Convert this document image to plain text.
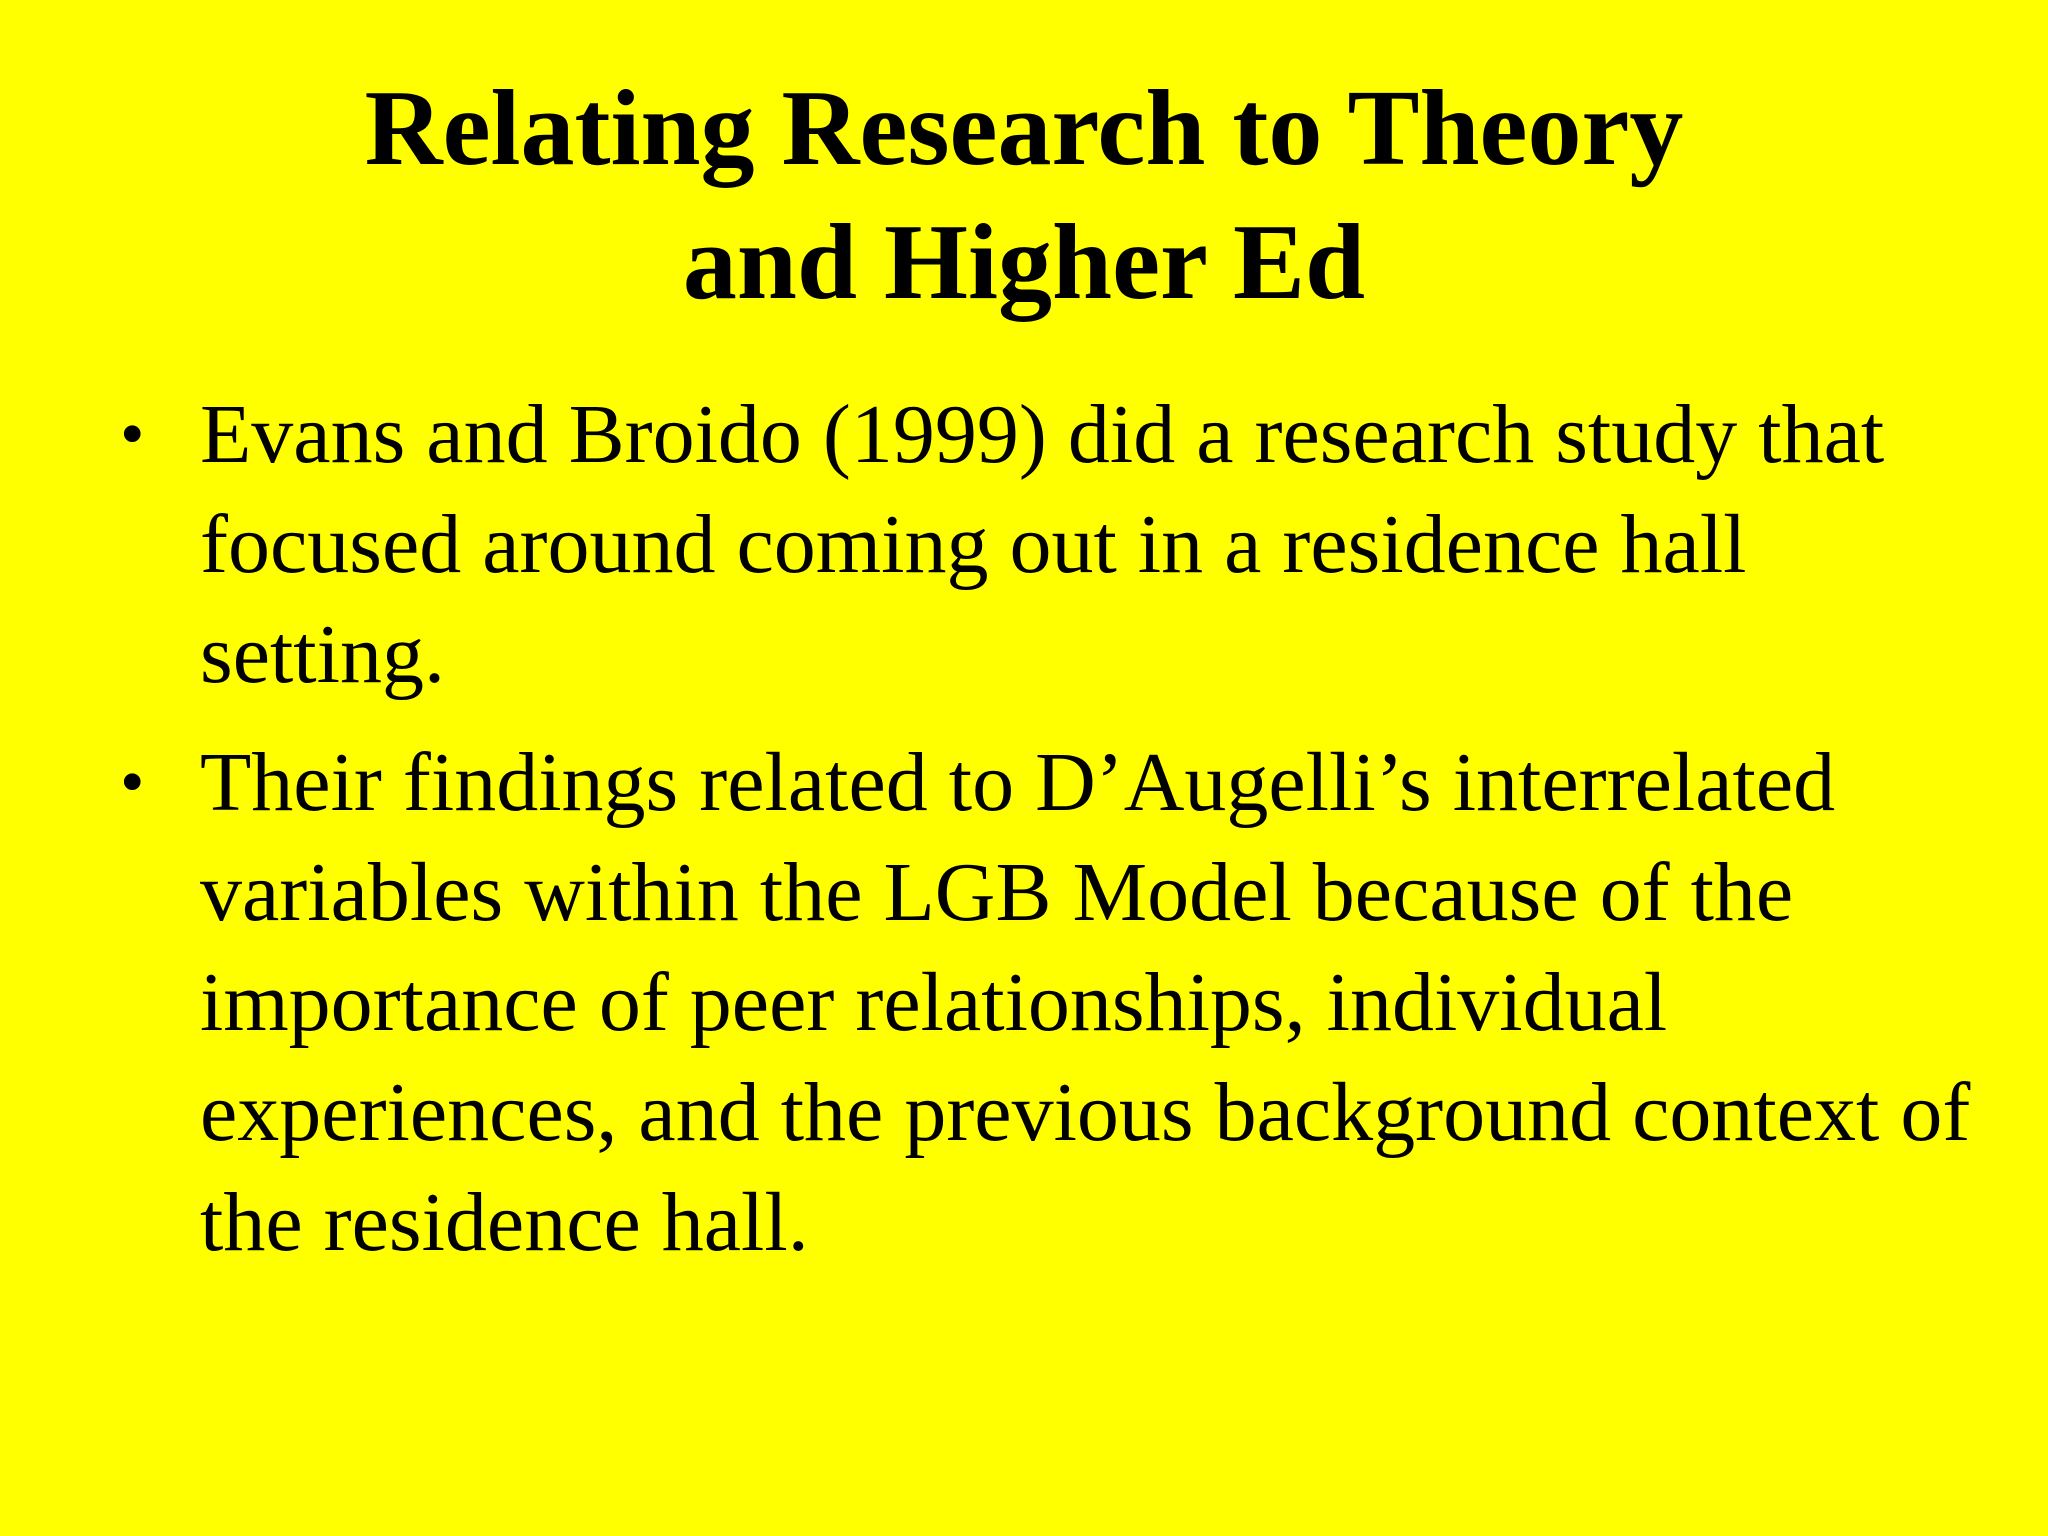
Relating Research to Theory
and Higher Ed
• Evans and Broido (1999) did a research study that focused around coming out in a residence hall setting.
• Their findings related to D’Augelli’s interrelated variables within the LGB Model because of the importance of peer relationships, individual experiences, and the previous background context of the residence hall.
